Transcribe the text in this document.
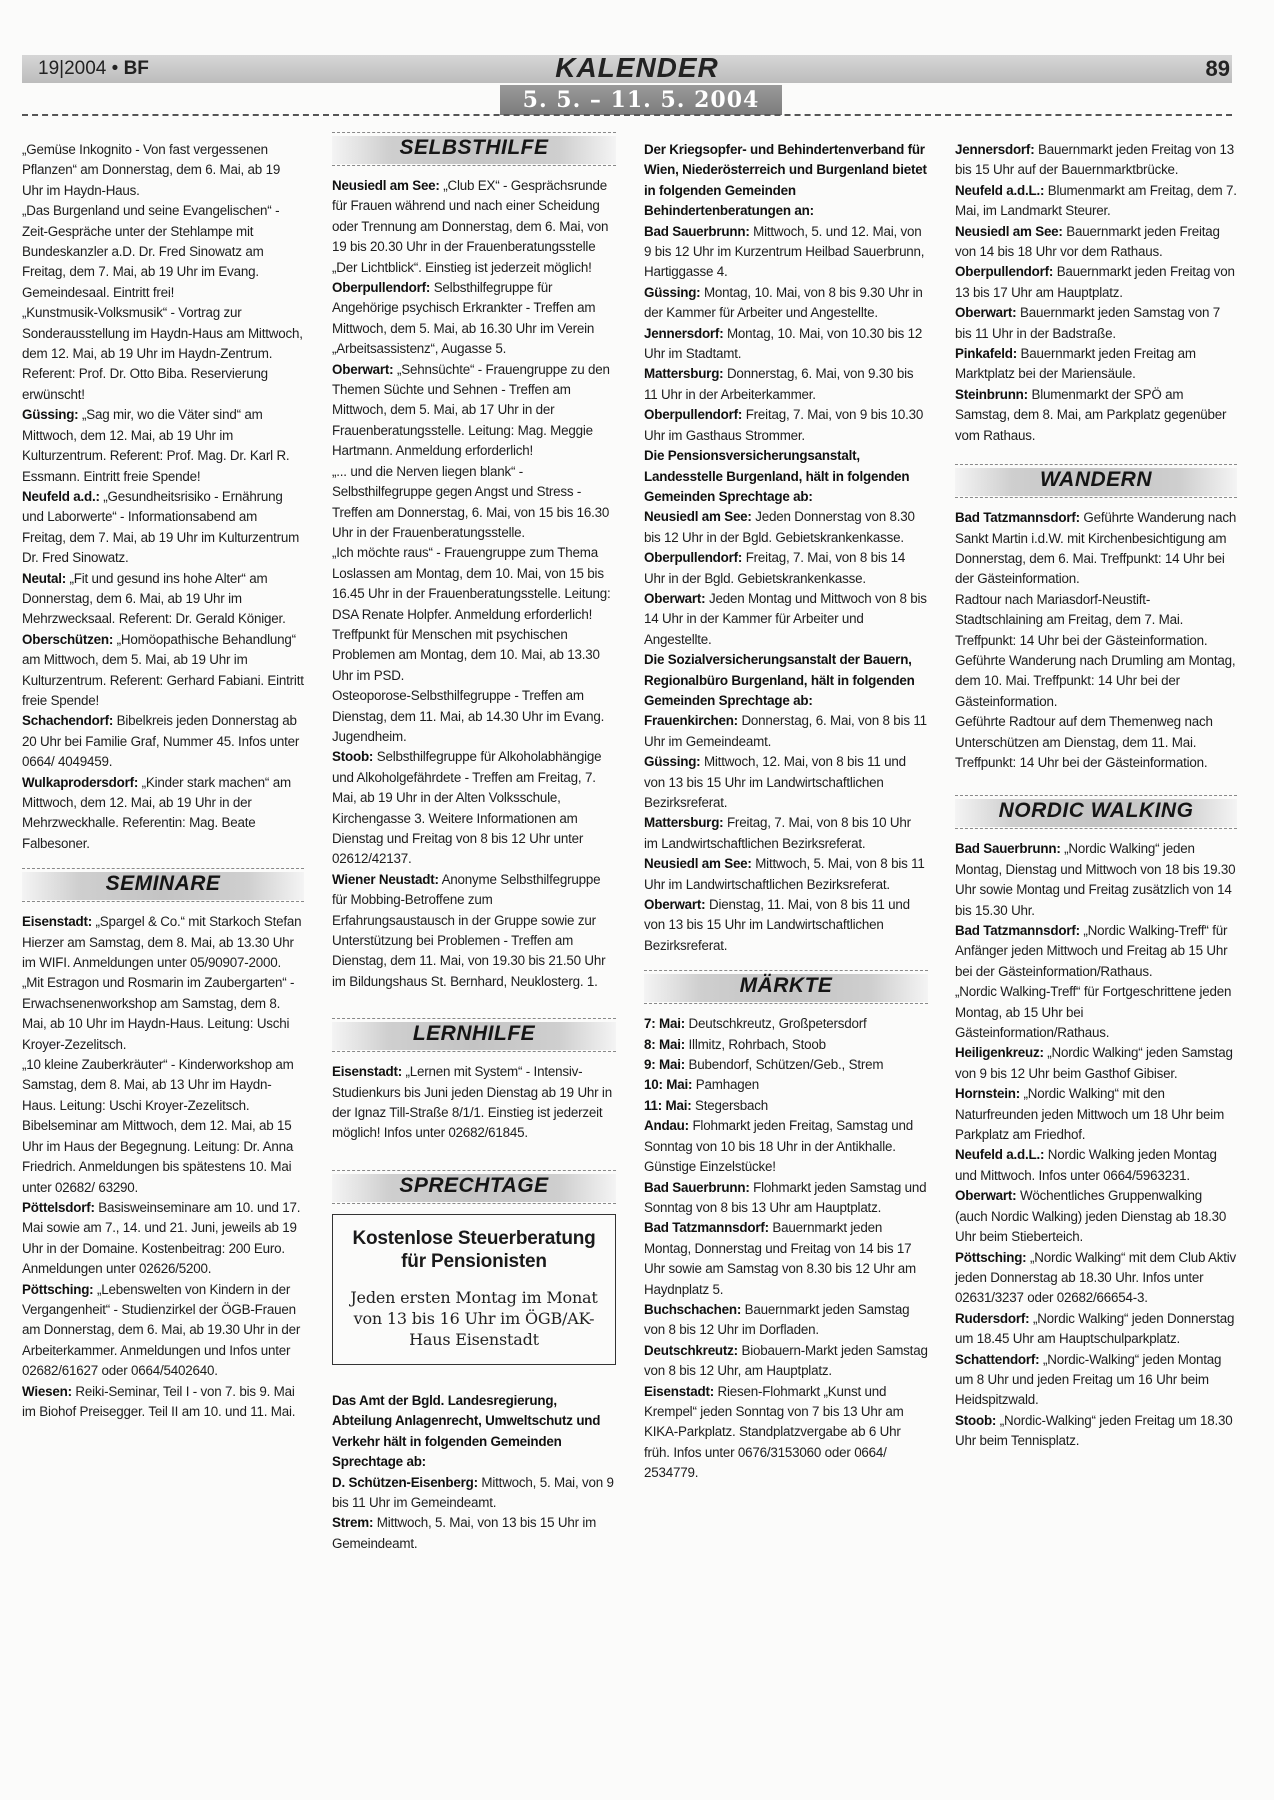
19|2004 • BF	KALENDER	89
5. 5. – 11. 5. 2004

„Gemüse Inkognito - Von fast vergessenen Pflanzen“ am Donnerstag, dem 6. Mai, ab 19 Uhr im Haydn-Haus.

„Das Burgenland und seine Evangelischen“ - Zeit-Gespräche unter der Stehlampe mit Bundeskanzler a.D. Dr. Fred Sinowatz am Freitag, dem 7. Mai, ab 19 Uhr im Evang. Gemeindesaal. Eintritt frei!

„Kunstmusik-Volksmusik“ - Vortrag zur Sonderausstellung im Haydn-Haus am Mittwoch, dem 12. Mai, ab 19 Uhr im Haydn-Zentrum. Referent: Prof. Dr. Otto Biba. Reservierung erwünscht!

Güssing: „Sag mir, wo die Väter sind“ am Mittwoch, dem 12. Mai, ab 19 Uhr im Kulturzentrum. Referent: Prof. Mag. Dr. Karl R. Essmann. Eintritt freie Spende!

Neufeld a.d.: „Gesundheitsrisiko - Ernährung und Laborwerte“ - Informationsabend am Freitag, dem 7. Mai, ab 19 Uhr im Kulturzentrum Dr. Fred Sinowatz.

Neutal: „Fit und gesund ins hohe Alter“ am Donnerstag, dem 6. Mai, ab 19 Uhr im Mehrzwecksaal. Referent: Dr. Gerald Königer.

Oberschützen: „Homöopathische Behandlung“ am Mittwoch, dem 5. Mai, ab 19 Uhr im Kulturzentrum. Referent: Gerhard Fabiani. Eintritt freie Spende!

Schachendorf: Bibelkreis jeden Donnerstag ab 20 Uhr bei Familie Graf, Nummer 45. Infos unter 0664/ 4049459.

Wulkaprodersdorf: „Kinder stark machen“ am Mittwoch, dem 12. Mai, ab 19 Uhr in der Mehrzweckhalle. Referentin: Mag. Beate Falbesoner.

SEMINARE

Eisenstadt: „Spargel & Co.“ mit Starkoch Stefan Hierzer am Samstag, dem 8. Mai, ab 13.30 Uhr im WIFI. Anmeldungen unter 05/90907-2000.

„Mit Estragon und Rosmarin im Zaubergarten“ - Erwachsenenworkshop am Samstag, dem 8. Mai, ab 10 Uhr im Haydn-Haus. Leitung: Uschi Kroyer-Zezelitsch.

„10 kleine Zauberkräuter“ - Kinderworkshop am Samstag, dem 8. Mai, ab 13 Uhr im Haydn-Haus. Leitung: Uschi Kroyer-Zezelitsch.

Bibelseminar am Mittwoch, dem 12. Mai, ab 15 Uhr im Haus der Begegnung. Leitung: Dr. Anna Friedrich. Anmeldungen bis spätestens 10. Mai unter 02682/ 63290.

Pöttelsdorf: Basisweinseminare am 10. und 17. Mai sowie am 7., 14. und 21. Juni, jeweils ab 19 Uhr in der Domaine. Kostenbeitrag: 200 Euro. Anmeldungen unter 02626/5200.

Pöttsching: „Lebenswelten von Kindern in der Vergangenheit“ - Studienzirkel der ÖGB-Frauen am Donnerstag, dem 6. Mai, ab 19.30 Uhr in der Arbeiterkammer. Anmeldungen und Infos unter 02682/61627 oder 0664/5402640.

Wiesen: Reiki-Seminar, Teil I - von 7. bis 9. Mai im Biohof Preisegger. Teil II am 10. und 11. Mai.

SELBSTHILFE

Neusiedl am See: „Club EX“ - Gesprächsrunde für Frauen während und nach einer Scheidung oder Trennung am Donnerstag, dem 6. Mai, von 19 bis 20.30 Uhr in der Frauenberatungsstelle „Der Lichtblick“. Einstieg ist jederzeit möglich!

Oberpullendorf: Selbsthilfegruppe für Angehörige psychisch Erkrankter - Treffen am Mittwoch, dem 5. Mai, ab 16.30 Uhr im Verein „Arbeitsassistenz“, Augasse 5.

Oberwart: „Sehnsüchte“ - Frauengruppe zu den Themen Süchte und Sehnen - Treffen am Mittwoch, dem 5. Mai, ab 17 Uhr in der Frauenberatungsstelle. Leitung: Mag. Meggie Hartmann. Anmeldung erforderlich!

„... und die Nerven liegen blank“ - Selbsthilfegruppe gegen Angst und Stress - Treffen am Donnerstag, 6. Mai, von 15 bis 16.30 Uhr in der Frauenberatungsstelle.

„Ich möchte raus“ - Frauengruppe zum Thema Loslassen am Montag, dem 10. Mai, von 15 bis 16.45 Uhr in der Frauenberatungsstelle. Leitung: DSA Renate Holpfer. Anmeldung erforderlich!

Treffpunkt für Menschen mit psychischen Problemen am Montag, dem 10. Mai, ab 13.30 Uhr im PSD.

Osteoporose-Selbsthilfegruppe - Treffen am Dienstag, dem 11. Mai, ab 14.30 Uhr im Evang. Jugendheim.

Stoob: Selbsthilfegruppe für Alkoholabhängige und Alkoholgefährdete - Treffen am Freitag, 7. Mai, ab 19 Uhr in der Alten Volksschule, Kirchengasse 3. Weitere Informationen am Dienstag und Freitag von 8 bis 12 Uhr unter 02612/42137.

Wiener Neustadt: Anonyme Selbsthilfegruppe für Mobbing-Betroffene zum Erfahrungsaustausch in der Gruppe sowie zur Unterstützung bei Problemen - Treffen am Dienstag, dem 11. Mai, von 19.30 bis 21.50 Uhr im Bildungshaus St. Bernhard, Neuklosterg. 1.

LERNHILFE

Eisenstadt: „Lernen mit System“ - Intensiv-Studienkurs bis Juni jeden Dienstag ab 19 Uhr in der Ignaz Till-Straße 8/1/1. Einstieg ist jederzeit möglich! Infos unter 02682/61845.

SPRECHTAGE
Kostenlose Steuerberatung für Pensionisten
Jeden ersten Montag im Monat von 13 bis 16 Uhr im ÖGB/AK-Haus Eisenstadt

Das Amt der Bgld. Landesregierung, Abteilung Anlagenrecht, Umweltschutz und Verkehr hält in folgenden Gemeinden Sprechtage ab:

D. Schützen-Eisenberg: Mittwoch, 5. Mai, von 9 bis 11 Uhr im Gemeindeamt.

Strem: Mittwoch, 5. Mai, von 13 bis 15 Uhr im Gemeindeamt.

Der Kriegsopfer- und Behindertenverband für Wien, Niederösterreich und Burgenland bietet in folgenden Gemeinden Behindertenberatungen an:

Bad Sauerbrunn: Mittwoch, 5. und 12. Mai, von 9 bis 12 Uhr im Kurzentrum Heilbad Sauerbrunn, Hartiggasse 4.

Güssing: Montag, 10. Mai, von 8 bis 9.30 Uhr in der Kammer für Arbeiter und Angestellte.

Jennersdorf: Montag, 10. Mai, von 10.30 bis 12 Uhr im Stadtamt.

Mattersburg: Donnerstag, 6. Mai, von 9.30 bis 11 Uhr in der Arbeiterkammer.

Oberpullendorf: Freitag, 7. Mai, von 9 bis 10.30 Uhr im Gasthaus Strommer.

Die Pensionsversicherungsanstalt, Landesstelle Burgenland, hält in folgenden Gemeinden Sprechtage ab:

Neusiedl am See: Jeden Donnerstag von 8.30 bis 12 Uhr in der Bgld. Gebietskrankenkasse.

Oberpullendorf: Freitag, 7. Mai, von 8 bis 14 Uhr in der Bgld. Gebietskrankenkasse.

Oberwart: Jeden Montag und Mittwoch von 8 bis 14 Uhr in der Kammer für Arbeiter und Angestellte.

Die Sozialversicherungsanstalt der Bauern, Regionalbüro Burgenland, hält in folgenden Gemeinden Sprechtage ab:

Frauenkirchen: Donnerstag, 6. Mai, von 8 bis 11 Uhr im Gemeindeamt.

Güssing: Mittwoch, 12. Mai, von 8 bis 11 und von 13 bis 15 Uhr im Landwirtschaftlichen Bezirksreferat.

Mattersburg: Freitag, 7. Mai, von 8 bis 10 Uhr im Landwirtschaftlichen Bezirksreferat.

Neusiedl am See: Mittwoch, 5. Mai, von 8 bis 11 Uhr im Landwirtschaftlichen Bezirksreferat.

Oberwart: Dienstag, 11. Mai, von 8 bis 11 und von 13 bis 15 Uhr im Landwirtschaftlichen Bezirksreferat.

MÄRKTE

7: Mai: Deutschkreutz, Großpetersdorf

8: Mai: Illmitz, Rohrbach, Stoob

9: Mai: Bubendorf, Schützen/Geb., Strem

10: Mai: Pamhagen

11: Mai: Stegersbach

Andau: Flohmarkt jeden Freitag, Samstag und Sonntag von 10 bis 18 Uhr in der Antikhalle. Günstige Einzelstücke!

Bad Sauerbrunn: Flohmarkt jeden Samstag und Sonntag von 8 bis 13 Uhr am Hauptplatz.

Bad Tatzmannsdorf: Bauernmarkt jeden Montag, Donnerstag und Freitag von 14 bis 17 Uhr sowie am Samstag von 8.30 bis 12 Uhr am Haydnplatz 5.

Buchschachen: Bauernmarkt jeden Samstag von 8 bis 12 Uhr im Dorfladen.

Deutschkreutz: Biobauern-Markt jeden Samstag von 8 bis 12 Uhr, am Hauptplatz.

Eisenstadt: Riesen-Flohmarkt „Kunst und Krempel“ jeden Sonntag von 7 bis 13 Uhr am KIKA-Parkplatz. Standplatzvergabe ab 6 Uhr früh. Infos unter 0676/3153060 oder 0664/ 2534779.

Jennersdorf: Bauernmarkt jeden Freitag von 13 bis 15 Uhr auf der Bauernmarktbrücke.

Neufeld a.d.L.: Blumenmarkt am Freitag, dem 7. Mai, im Landmarkt Steurer.

Neusiedl am See: Bauernmarkt jeden Freitag von 14 bis 18 Uhr vor dem Rathaus.

Oberpullendorf: Bauernmarkt jeden Freitag von 13 bis 17 Uhr am Hauptplatz.

Oberwart: Bauernmarkt jeden Samstag von 7 bis 11 Uhr in der Badstraße.

Pinkafeld: Bauernmarkt jeden Freitag am Marktplatz bei der Mariensäule.

Steinbrunn: Blumenmarkt der SPÖ am Samstag, dem 8. Mai, am Parkplatz gegenüber vom Rathaus.

WANDERN

Bad Tatzmannsdorf: Geführte Wanderung nach Sankt Martin i.d.W. mit Kirchenbesichtigung am Donnerstag, dem 6. Mai. Treffpunkt: 14 Uhr bei der Gästeinformation.

Radtour nach Mariasdorf-Neustift-Stadtschlaining am Freitag, dem 7. Mai. Treffpunkt: 14 Uhr bei der Gästeinformation.

Geführte Wanderung nach Drumling am Montag, dem 10. Mai. Treffpunkt: 14 Uhr bei der Gästeinformation.

Geführte Radtour auf dem Themenweg nach Unterschützen am Dienstag, dem 11. Mai. Treffpunkt: 14 Uhr bei der Gästeinformation.

NORDIC WALKING

Bad Sauerbrunn: „Nordic Walking“ jeden Montag, Dienstag und Mittwoch von 18 bis 19.30 Uhr sowie Montag und Freitag zusätzlich von 14 bis 15.30 Uhr.

Bad Tatzmannsdorf: „Nordic Walking-Treff“ für Anfänger jeden Mittwoch und Freitag ab 15 Uhr bei der Gästeinformation/Rathaus.

„Nordic Walking-Treff“ für Fortgeschrittene jeden Montag, ab 15 Uhr bei Gästeinformation/Rathaus.

Heiligenkreuz: „Nordic Walking“ jeden Samstag von 9 bis 12 Uhr beim Gasthof Gibiser.

Hornstein: „Nordic Walking“ mit den Naturfreunden jeden Mittwoch um 18 Uhr beim Parkplatz am Friedhof.

Neufeld a.d.L.: Nordic Walking jeden Montag und Mittwoch. Infos unter 0664/5963231.

Oberwart: Wöchentliches Gruppenwalking (auch Nordic Walking) jeden Dienstag ab 18.30 Uhr beim Stieberteich.

Pöttsching: „Nordic Walking“ mit dem Club Aktiv jeden Donnerstag ab 18.30 Uhr. Infos unter 02631/3237 oder 02682/66654-3.

Rudersdorf: „Nordic Walking“ jeden Donnerstag um 18.45 Uhr am Hauptschulparkplatz.

Schattendorf: „Nordic-Walking“ jeden Montag um 8 Uhr und jeden Freitag um 16 Uhr beim Heidspitzwald.

Stoob: „Nordic-Walking“ jeden Freitag um 18.30 Uhr beim Tennisplatz.
